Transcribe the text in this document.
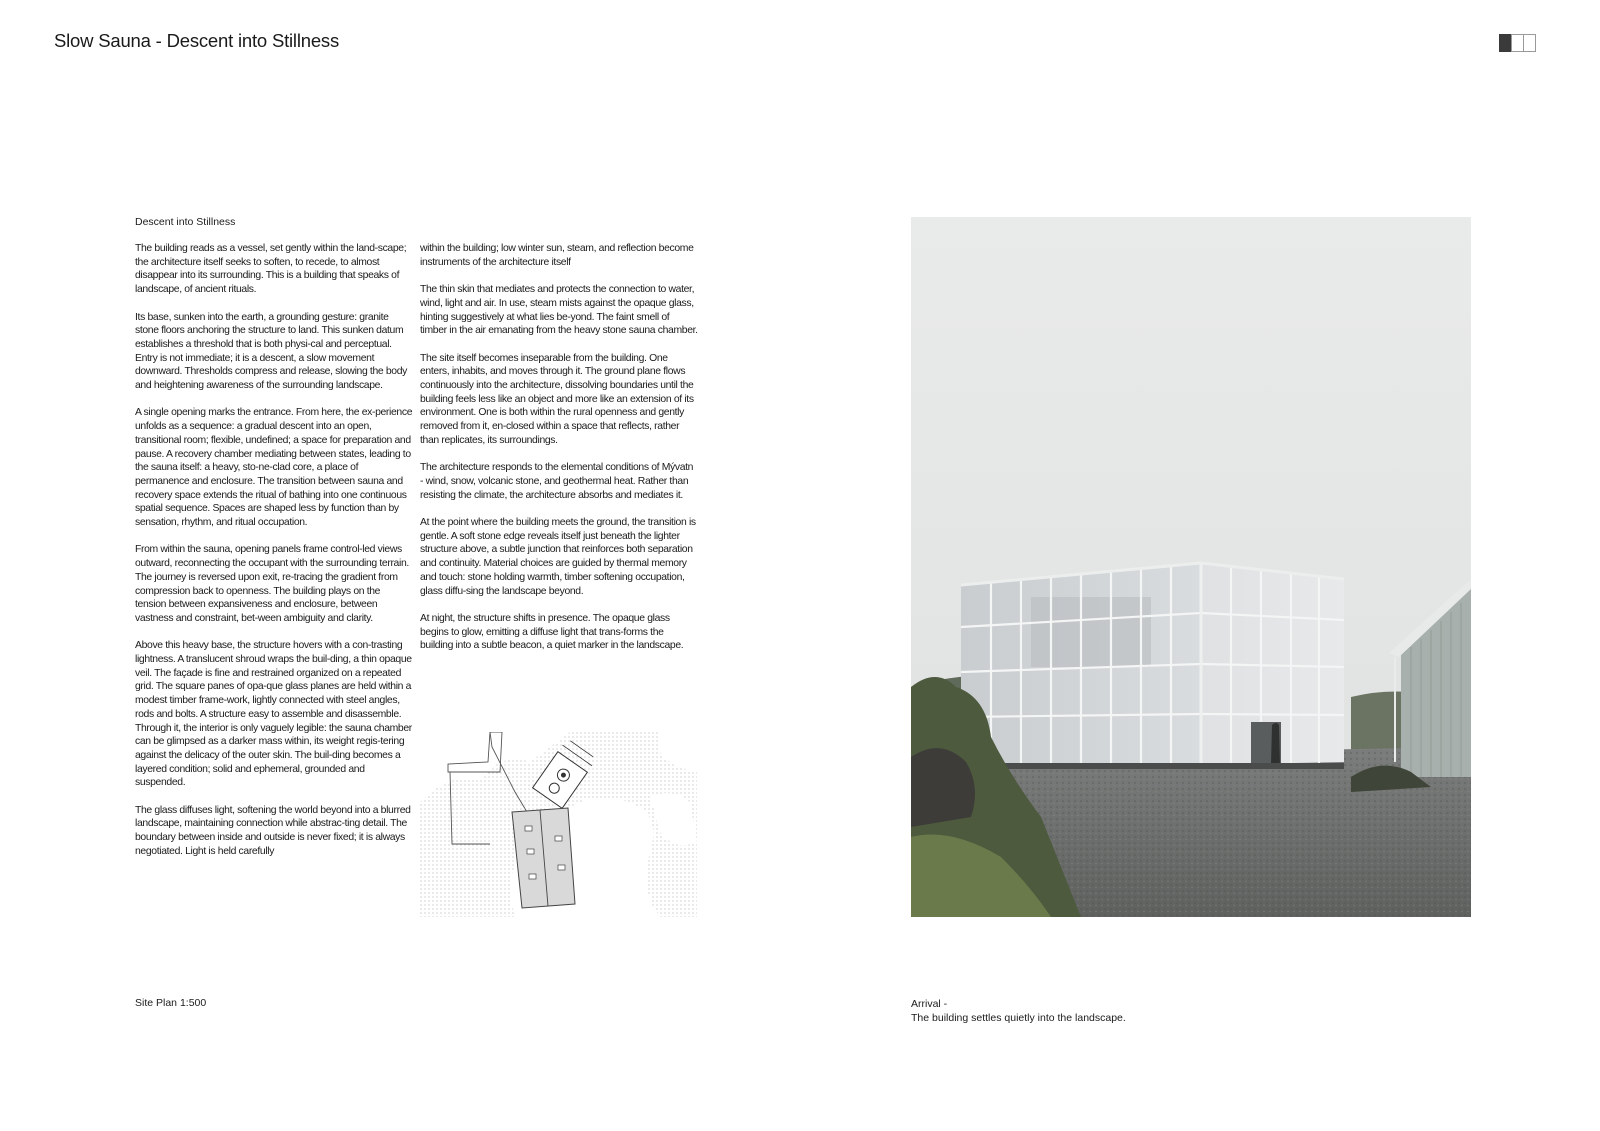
Slow Sauna - Descent into Stillness
Descent into Stillness

The building reads as a vessel, set gently within the land-scape; the architecture itself seeks to soften, to recede, to almost disappear into its surrounding. This is a building that speaks of landscape, of ancient rituals.

Its base, sunken into the earth, a grounding gesture: granite stone floors anchoring the structure to land. This sunken datum establishes a threshold that is both physi-cal and perceptual. Entry is not immediate; it is a descent, a slow movement downward. Thresholds compress and release, slowing the body and heightening awareness of the surrounding landscape.

A single opening marks the entrance. From here, the ex-perience unfolds as a sequence: a gradual descent into an open, transitional room; flexible, undefined; a space for preparation and pause. A recovery chamber mediating between states, leading to the sauna itself: a heavy, sto-ne-clad core, a place of permanence and enclosure. The transition between sauna and recovery space extends the ritual of bathing into one continuous spatial sequence. Spaces are shaped less by function than by sensation, rhythm, and ritual occupation.

From within the sauna, opening panels frame control-led views outward, reconnecting the occupant with the surrounding terrain. The journey is reversed upon exit, re-tracing the gradient from compression back to openness. The building plays on the tension between expansiveness and enclosure, between vastness and constraint, bet-ween ambiguity and clarity.

Above this heavy base, the structure hovers with a con-trasting lightness. A translucent shroud wraps the buil-ding, a thin opaque veil. The façade is fine and restrained organized on a repeated grid. The square panes of opa-que glass planes are held within a modest timber frame-work, lightly connected with steel angles, rods and bolts. A structure easy to assemble and disassemble. Through it, the interior is only vaguely legible: the sauna chamber can be glimpsed as a darker mass within, its weight regis-tering against the delicacy of the outer skin. The buil-ding becomes a layered condition; solid and ephemeral, grounded and suspended.

The glass diffuses light, softening the world beyond into a blurred landscape, maintaining connection while abstrac-ting detail. The boundary between inside and outside is never fixed; it is always negotiated. Light is held carefully

within the building; low winter sun, steam, and reflection become instruments of the architecture itself

The thin skin that mediates and protects the connection to water, wind, light and air. In use, steam mists against the opaque glass, hinting suggestively at what lies be-yond. The faint smell of timber in the air emanating from the heavy stone sauna chamber.

The site itself becomes inseparable from the building. One enters, inhabits, and moves through it. The ground plane flows continuously into the architecture, dissolving boundaries until the building feels less like an object and more like an extension of its environment. One is both within the rural openness and gently removed from it, en-closed within a space that reflects, rather than replicates, its surroundings.

The architecture responds to the elemental conditions of Mývatn - wind, snow, volcanic stone, and geothermal heat. Rather than resisting the climate, the architecture absorbs and mediates it.

At the point where the building meets the ground, the transition is gentle. A soft stone edge reveals itself just beneath the lighter structure above, a subtle junction that reinforces both separation and continuity. Material choices are guided by thermal memory and touch: stone holding warmth, timber softening occupation, glass diffu-sing the landscape beyond.

At night, the structure shifts in presence. The opaque glass begins to glow, emitting a diffuse light that trans-forms the building into a subtle beacon, a quiet marker in the landscape.

Site Plan 1:500	Arrival -
The building settles quietly into the landscape.
